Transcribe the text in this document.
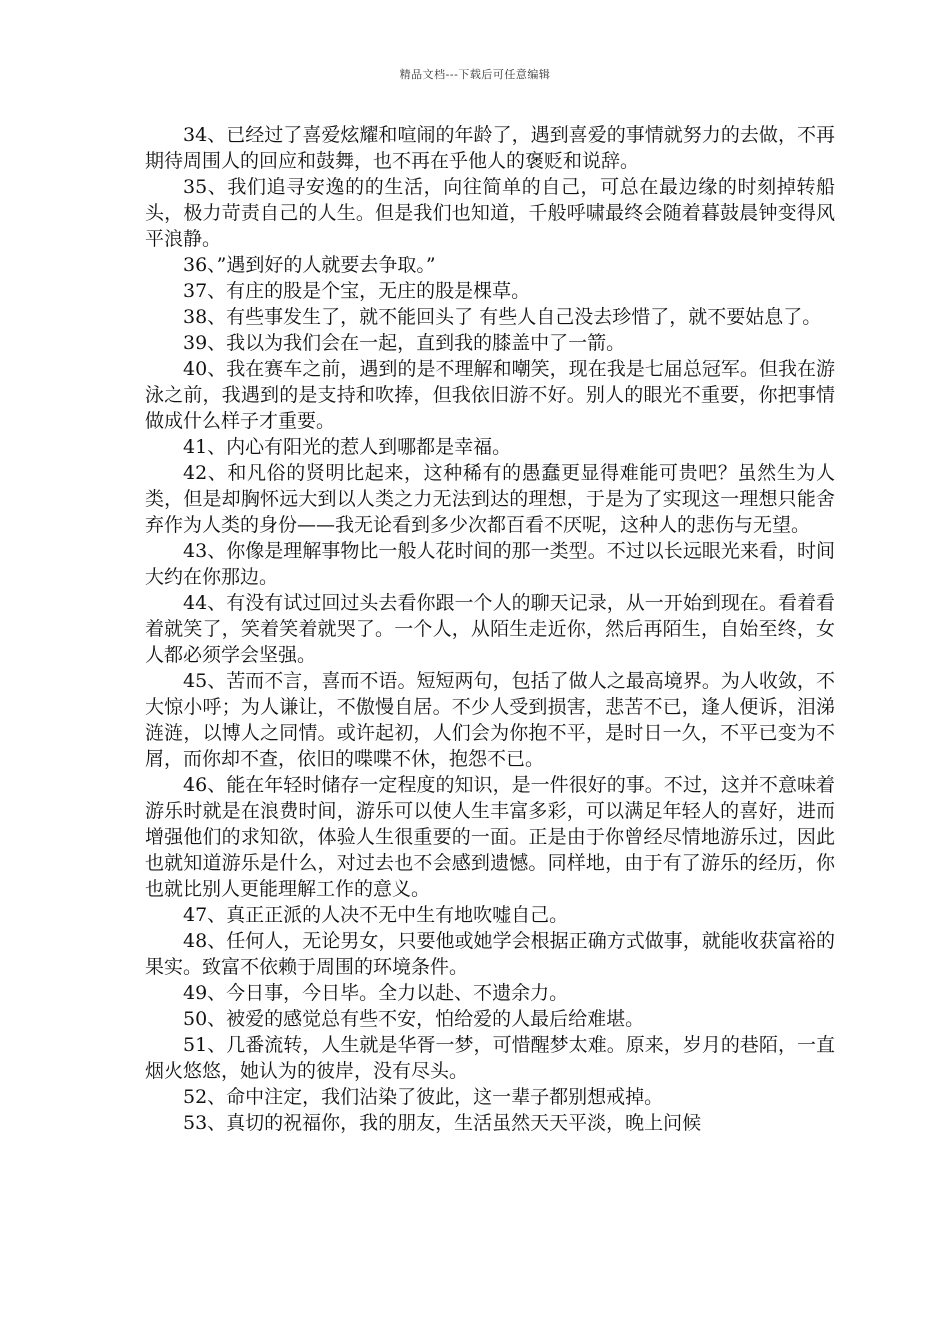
精品文档---下载后可任意编辑

34、已经过了喜爱炫耀和喧闹的年龄了，遇到喜爱的事情就努力的去做，不再期待周围人的回应和鼓舞，也不再在乎他人的褒贬和说辞。

35、我们追寻安逸的的生活，向往简单的自己，可总在最边缘的时刻掉转船头，极力苛责自己的人生。但是我们也知道，千般呼啸最终会随着暮鼓晨钟变得风平浪静。

36、”遇到好的人就要去争取。”

37、有庄的股是个宝，无庄的股是棵草。

38、有些事发生了，就不能回头了 有些人自己没去珍惜了，就不要姑息了。

39、我以为我们会在一起，直到我的膝盖中了一箭。

40、我在赛车之前，遇到的是不理解和嘲笑，现在我是七届总冠军。但我在游泳之前，我遇到的是支持和吹捧，但我依旧游不好。别人的眼光不重要，你把事情做成什么样子才重要。

41、内心有阳光的惹人到哪都是幸福。

42、和凡俗的贤明比起来，这种稀有的愚蠢更显得难能可贵吧？虽然生为人类，但是却胸怀远大到以人类之力无法到达的理想，于是为了实现这一理想只能舍弃作为人类的身份——我无论看到多少次都百看不厌呢，这种人的悲伤与无望。

43、你像是理解事物比一般人花时间的那一类型。不过以长远眼光来看，时间大约在你那边。

44、有没有试过回过头去看你跟一个人的聊天记录，从一开始到现在。看着看着就笑了，笑着笑着就哭了。一个人，从陌生走近你，然后再陌生，自始至终，女人都必须学会坚强。

45、苦而不言，喜而不语。短短两句，包括了做人之最高境界。为人收敛，不大惊小呼；为人谦让，不傲慢自居。不少人受到损害，悲苦不已，逢人便诉，泪涕涟涟，以博人之同情。或许起初，人们会为你抱不平，是时日一久，不平已变为不屑，而你却不查，依旧的喋喋不休，抱怨不已。

46、能在年轻时储存一定程度的知识，是一件很好的事。不过，这并不意味着游乐时就是在浪费时间，游乐可以使人生丰富多彩，可以满足年轻人的喜好，进而增强他们的求知欲，体验人生很重要的一面。正是由于你曾经尽情地游乐过，因此也就知道游乐是什么，对过去也不会感到遗憾。同样地，由于有了游乐的经历，你也就比别人更能理解工作的意义。

47、真正正派的人决不无中生有地吹嘘自己。

48、任何人，无论男女，只要他或她学会根据正确方式做事，就能收获富裕的果实。致富不依赖于周围的环境条件。

49、今日事，今日毕。全力以赴、不遗余力。

50、被爱的感觉总有些不安，怕给爱的人最后给难堪。

51、几番流转，人生就是华胥一梦，可惜醒梦太难。原来，岁月的巷陌，一直烟火悠悠，她认为的彼岸，没有尽头。

52、命中注定，我们沾染了彼此，这一辈子都别想戒掉。

53、真切的祝福你，我的朋友，生活虽然天天平淡，晚上问候
